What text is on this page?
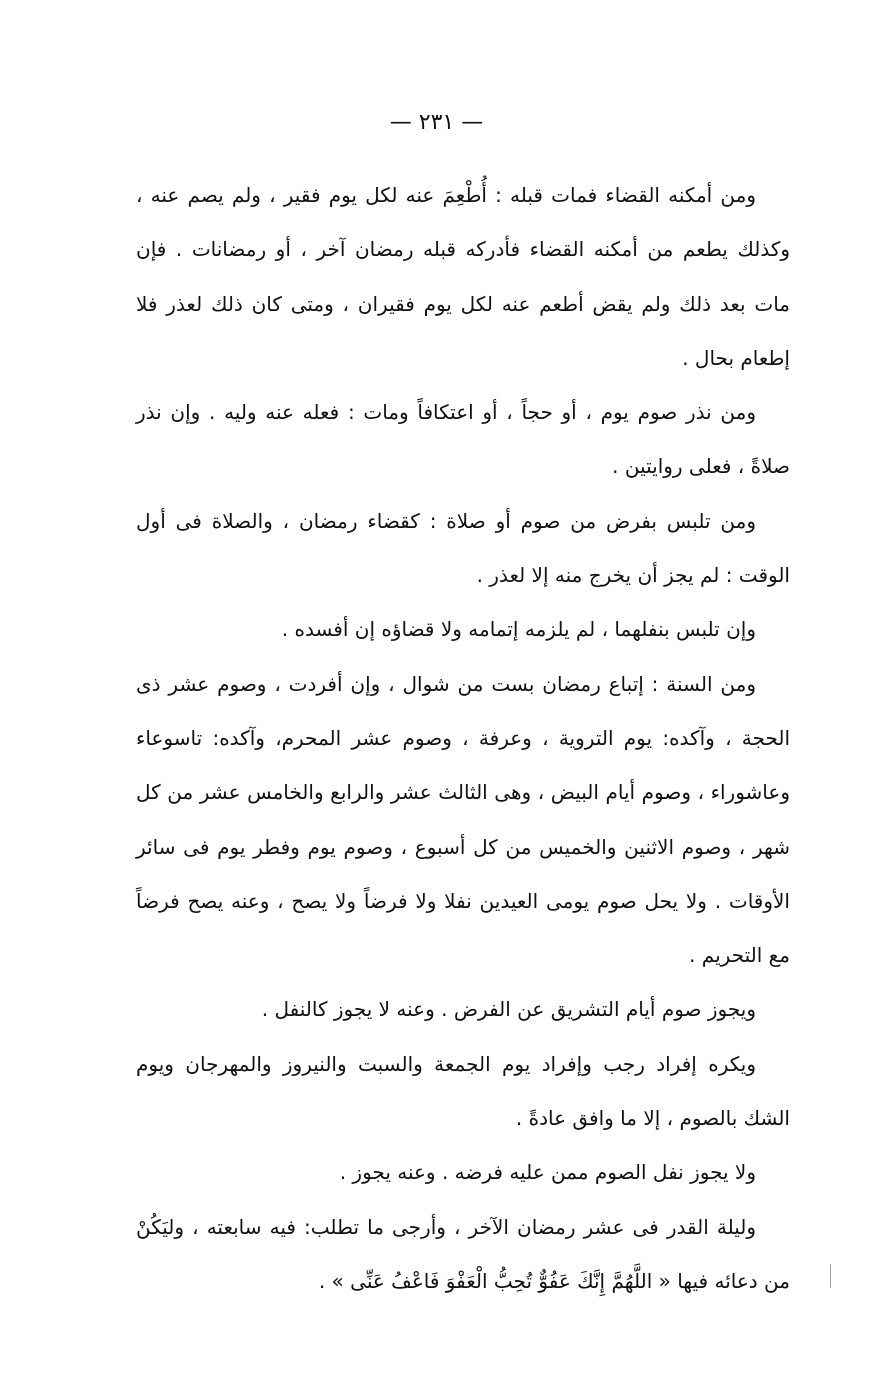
— ٢٣١ —

ومن أمكنه القضاء فمات قبله : أُطْعِمَ عنه لكل يوم فقير ، ولم يصم عنه ، وكذلك يطعم من أمكنه القضاء فأدركه قبله رمضان آخر ، أو رمضانات . فإن مات بعد ذلك ولم يقض أطعم عنه لكل يوم فقيران ، ومتى كان ذلك لعذر فلا إطعام بحال .

ومن نذر صوم يوم ، أو حجاً ، أو اعتكافاً ومات : فعله عنه وليه . وإن نذر صلاةً ، فعلى روايتين .

ومن تلبس بفرض من صوم أو صلاة : كقضاء رمضان ، والصلاة فى أول الوقت : لم يجز أن يخرج منه إلا لعذر .

وإن تلبس بنفلهما ، لم يلزمه إتمامه ولا قضاؤه إن أفسده .

ومن السنة : إتباع رمضان بست من شوال ، وإن أفردت ، وصوم عشر ذى الحجة ، وآكده: يوم التروية ، وعرفة ، وصوم عشر المحرم، وآكده: تاسوعاء وعاشوراء ، وصوم أيام البيض ، وهى الثالث عشر والرابع والخامس عشر من كل شهر ، وصوم الاثنين والخميس من كل أسبوع ، وصوم يوم وفطر يوم فى سائر الأوقات . ولا يحل صوم يومى العيدين نفلا ولا فرضاً ولا يصح ، وعنه يصح فرضاً مع التحريم .

ويجوز صوم أيام التشريق عن الفرض . وعنه لا يجوز كالنفل .

ويكره إفراد رجب وإفراد يوم الجمعة والسبت والنيروز والمهرجان ويوم الشك بالصوم ، إلا ما وافق عادةً .

ولا يجوز نفل الصوم ممن عليه فرضه . وعنه يجوز .

وليلة القدر فى عشر رمضان الآخر ، وأرجى ما تطلب: فيه سابعته ، وليَكُنْ من دعائه فيها « اللَّهُمَّ إِنَّكَ عَفُوٌّ تُحِبُّ الْعَفْوَ فَاعْفُ عَنِّى » .
